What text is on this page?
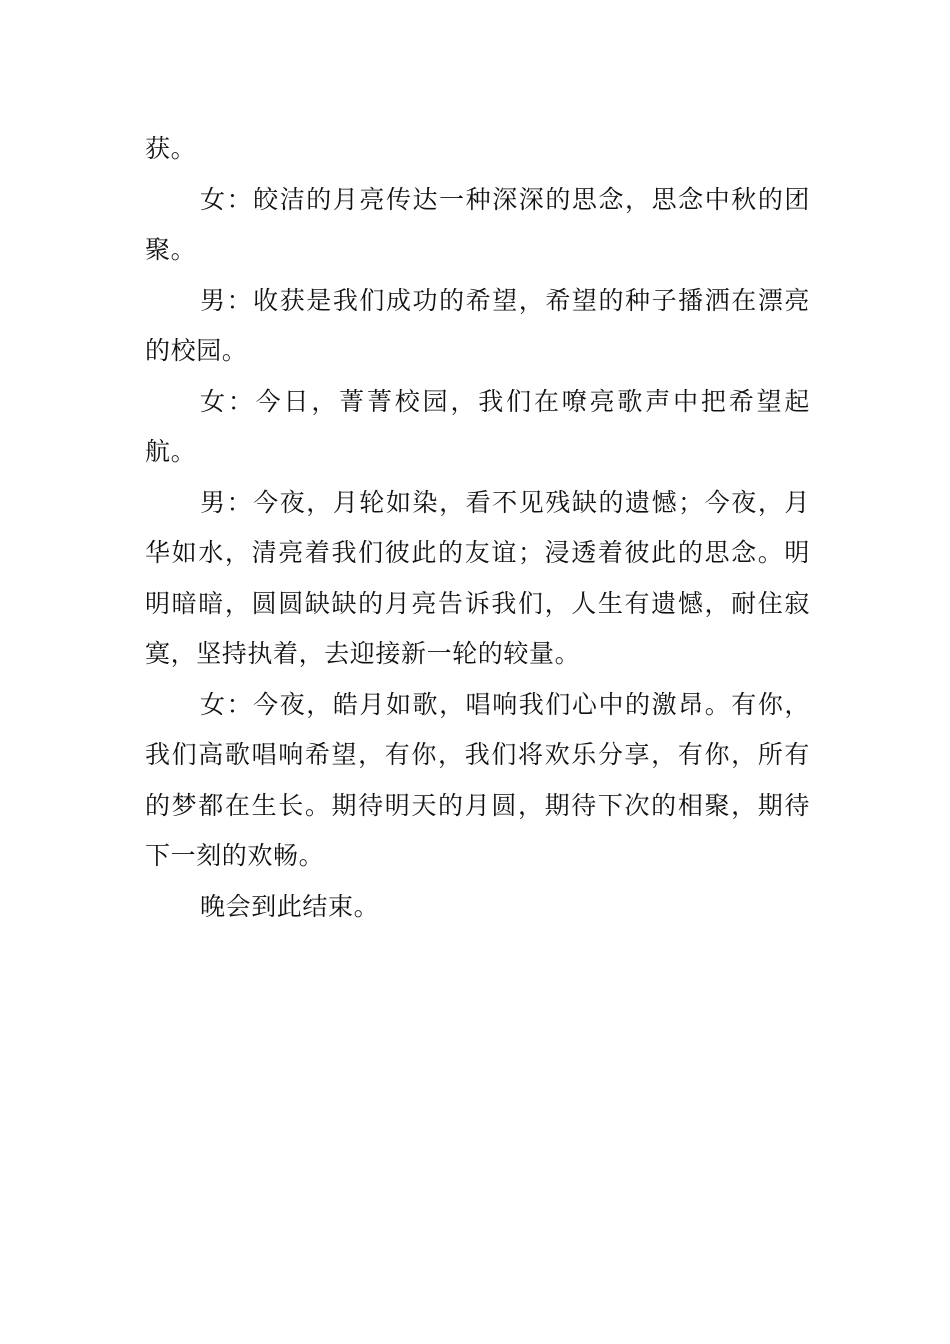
获。

女：皎洁的月亮传达一种深深的思念，思念中秋的团聚。

男：收获是我们成功的希望，希望的种子播洒在漂亮的校园。

女：今日，菁菁校园，我们在嘹亮歌声中把希望起航。

男：今夜，月轮如染，看不见残缺的遗憾；今夜，月华如水，清亮着我们彼此的友谊；浸透着彼此的思念。明明暗暗，圆圆缺缺的月亮告诉我们，人生有遗憾，耐住寂寞，坚持执着，去迎接新一轮的较量。

女：今夜，皓月如歌，唱响我们心中的激昂。有你，我们高歌唱响希望，有你，我们将欢乐分享，有你，所有的梦都在生长。期待明天的月圆，期待下次的相聚，期待下一刻的欢畅。

晚会到此结束。
